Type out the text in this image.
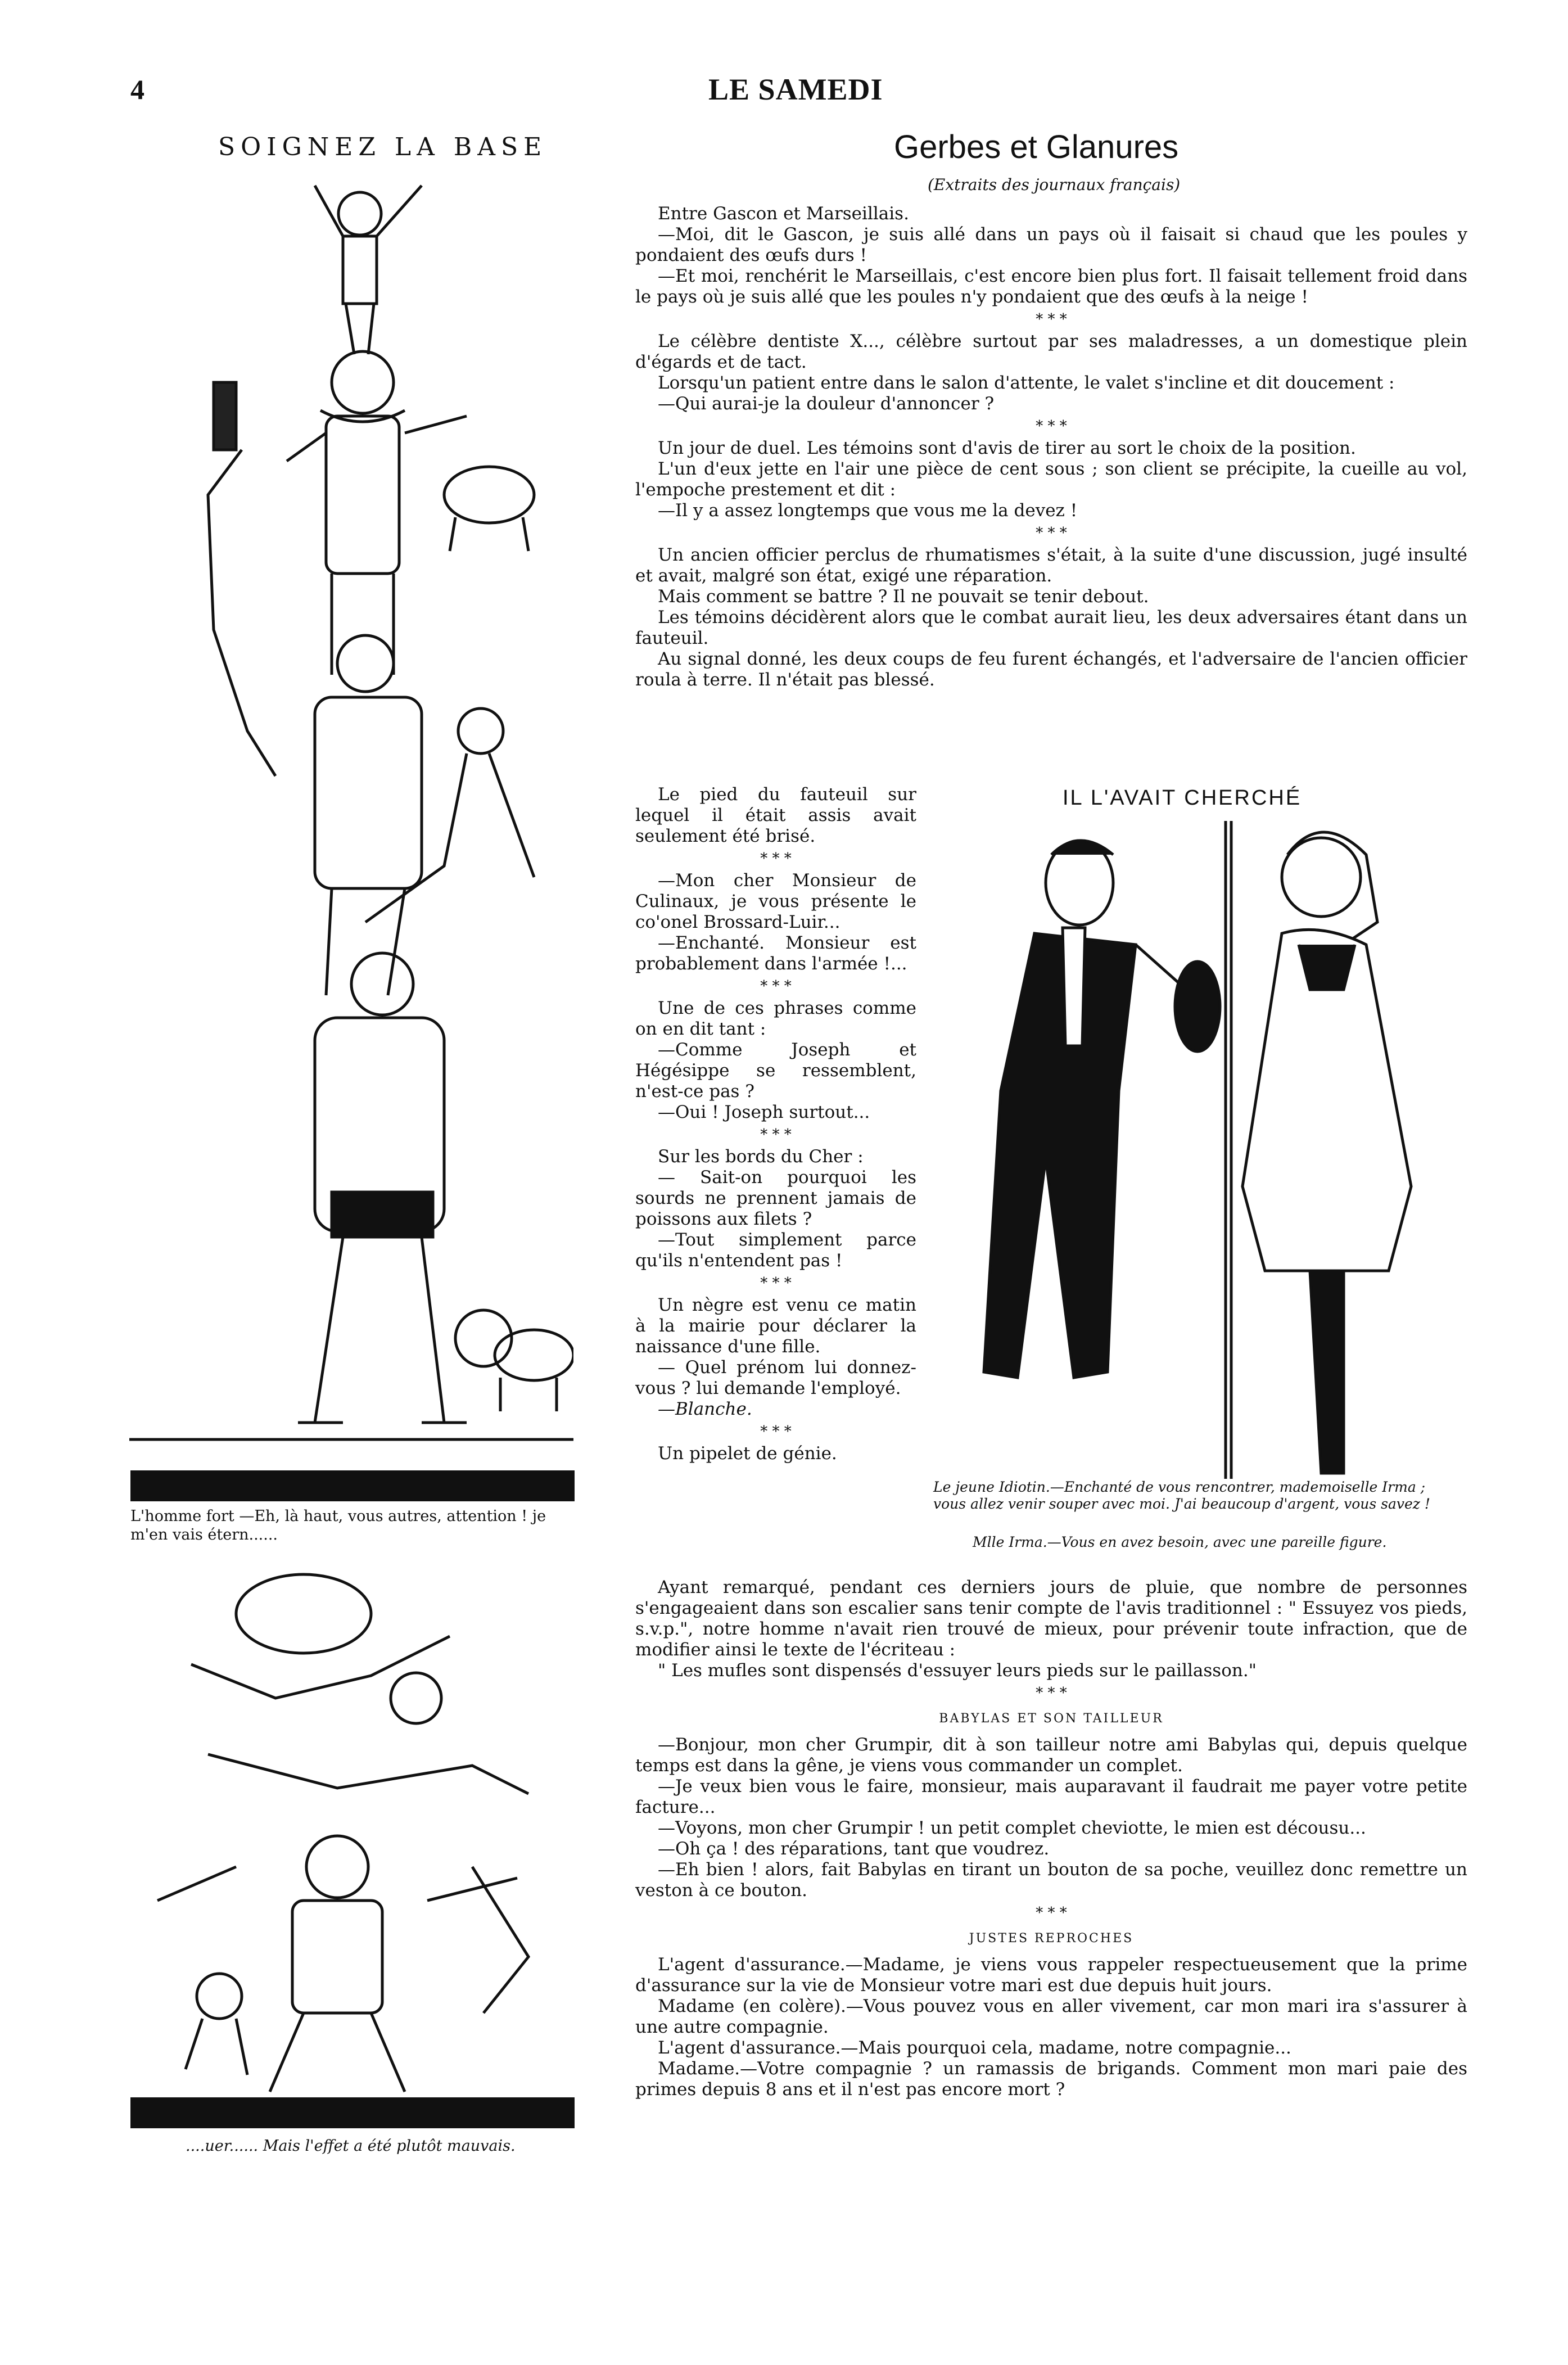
4	LE SAMEDI
SOIGNEZ LA BASE
L'homme fort —Eh, là haut, vous autres, attention ! je m'en vais étern......
....uer...... Mais l'effet a été plutôt mauvais.
Gerbes et Glanures
(Extraits des journaux français)

Entre Gascon et Marseillais.

—Moi, dit le Gascon, je suis allé dans un pays où il faisait si chaud que les poules y pondaient des œufs durs !

—Et moi, renchérit le Marseillais, c'est encore bien plus fort. Il faisait tellement froid dans le pays où je suis allé que les poules n'y pondaient que des œufs à la neige !

* * *

Le célèbre dentiste X..., célèbre surtout par ses maladresses, a un domestique plein d'égards et de tact.

Lorsqu'un patient entre dans le salon d'attente, le valet s'incline et dit doucement :

—Qui aurai-je la douleur d'annoncer ?

* * *

Un jour de duel. Les témoins sont d'avis de tirer au sort le choix de la position.

L'un d'eux jette en l'air une pièce de cent sous ; son client se précipite, la cueille au vol, l'empoche prestement et dit :

—Il y a assez longtemps que vous me la devez !

* * *

Un ancien officier perclus de rhumatismes s'était, à la suite d'une discussion, jugé insulté et avait, malgré son état, exigé une réparation.

Mais comment se battre ? Il ne pouvait se tenir debout.

Les témoins décidèrent alors que le combat aurait lieu, les deux adversaires étant dans un fauteuil.

Au signal donné, les deux coups de feu furent échangés, et l'adversaire de l'ancien officier roula à terre. Il n'était pas blessé.

Le pied du fauteuil sur lequel il était assis avait seulement été brisé.

* * *

—Mon cher Monsieur de Culinaux, je vous présente le co'onel Brossard-Luir...

—Enchanté. Monsieur est probablement dans l'armée !...

* * *

Une de ces phrases comme on en dit tant :

—Comme Joseph et Hégésippe se ressemblent, n'est-ce pas ?

—Oui ! Joseph surtout...

* * *

Sur les bords du Cher :

— Sait-on pourquoi les sourds ne prennent jamais de poissons aux filets ?

—Tout simplement parce qu'ils n'entendent pas !

* * *

Un nègre est venu ce matin à la mairie pour déclarer la naissance d'une fille.

— Quel prénom lui donnez-vous ? lui demande l'employé.

—Blanche.

* * *

Un pipelet de génie.

IL L'AVAIT CHERCHÉ
Le jeune Idiotin.—Enchanté de vous rencontrer, mademoiselle Irma ; vous allez venir souper avec moi. J'ai beaucoup d'argent, vous savez !
Mlle Irma.—Vous en avez besoin, avec une pareille figure.

Ayant remarqué, pendant ces derniers jours de pluie, que nombre de personnes s'engageaient dans son escalier sans tenir compte de l'avis traditionnel : " Essuyez vos pieds, s.v.p.", notre homme n'avait rien trouvé de mieux, pour prévenir toute infraction, que de modifier ainsi le texte de l'écriteau :

" Les mufles sont dispensés d'essuyer leurs pieds sur le paillasson."

* * *
BABYLAS ET SON TAILLEUR

—Bonjour, mon cher Grumpir, dit à son tailleur notre ami Babylas qui, depuis quelque temps est dans la gêne, je viens vous commander un complet.

—Je veux bien vous le faire, monsieur, mais auparavant il faudrait me payer votre petite facture...

—Voyons, mon cher Grumpir ! un petit complet cheviotte, le mien est décousu...

—Oh ça ! des réparations, tant que voudrez.

—Eh bien ! alors, fait Babylas en tirant un bouton de sa poche, veuillez donc remettre un veston à ce bouton.

* * *
JUSTES REPROCHES

L'agent d'assurance.—Madame, je viens vous rappeler respectueusement que la prime d'assurance sur la vie de Monsieur votre mari est due depuis huit jours.

Madame (en colère).—Vous pouvez vous en aller vivement, car mon mari ira s'assurer à une autre compagnie.

L'agent d'assurance.—Mais pourquoi cela, madame, notre compagnie...

Madame.—Votre compagnie ? un ramassis de brigands. Comment mon mari paie des primes depuis 8 ans et il n'est pas encore mort ?
